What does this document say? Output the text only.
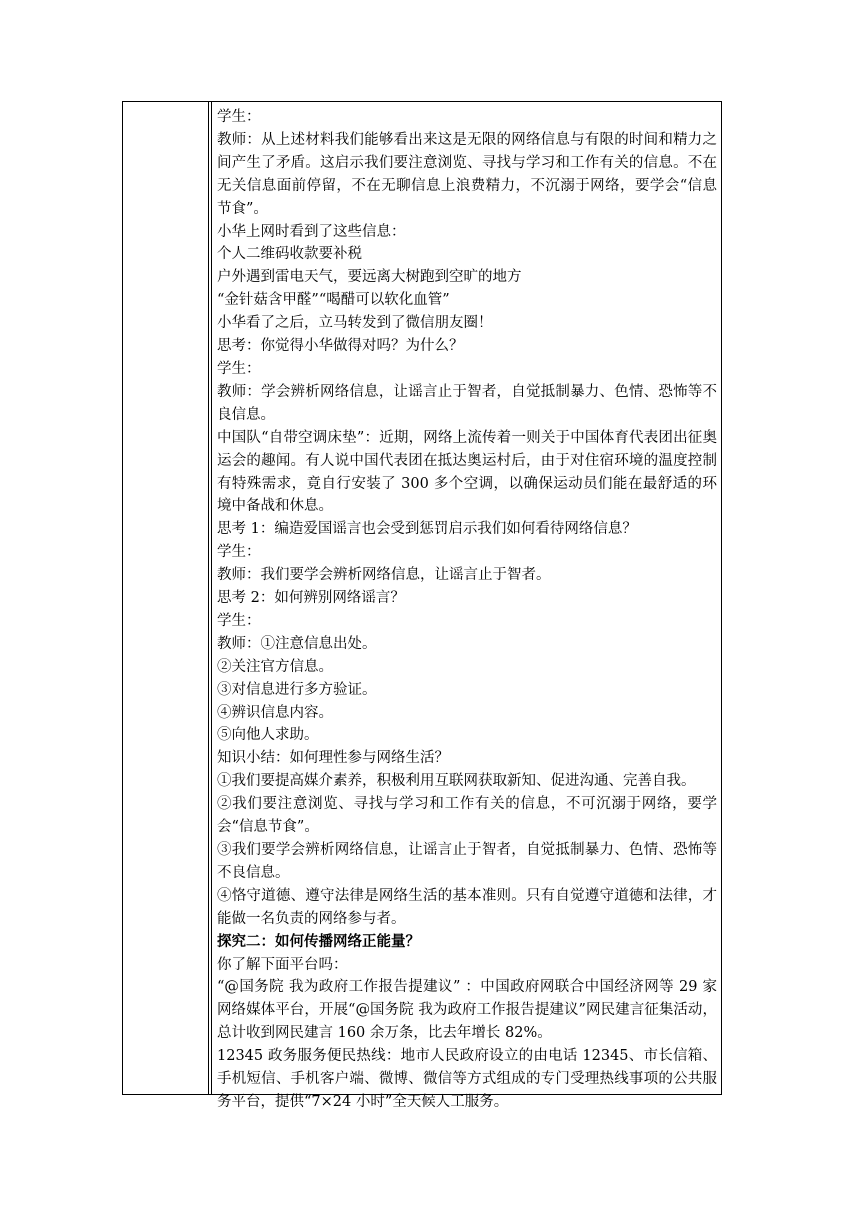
学生：

教师：从上述材料我们能够看出来这是无限的网络信息与有限的时间和精力之间产生了矛盾。这启示我们要注意浏览、寻找与学习和工作有关的信息。不在无关信息面前停留，不在无聊信息上浪费精力，不沉溺于网络，要学会“信息节食”。

小华上网时看到了这些信息：

个人二维码收款要补税

户外遇到雷电天气，要远离大树跑到空旷的地方

“金针菇含甲醛”“喝醋可以软化血管”

小华看了之后，立马转发到了微信朋友圈！

思考：你觉得小华做得对吗？为什么？

学生：

教师：学会辨析网络信息，让谣言止于智者，自觉抵制暴力、色情、恐怖等不良信息。

中国队“自带空调床垫”：近期，网络上流传着一则关于中国体育代表团出征奥运会的趣闻。有人说中国代表团在抵达奥运村后，由于对住宿环境的温度控制有特殊需求，竟自行安装了 300 多个空调，以确保运动员们能在最舒适的环境中备战和休息。

思考 1：编造爱国谣言也会受到惩罚启示我们如何看待网络信息？

学生：

教师：我们要学会辨析网络信息，让谣言止于智者。

思考 2：如何辨别网络谣言？

学生：

教师：①注意信息出处。

②关注官方信息。

③对信息进行多方验证。

④辨识信息内容。

⑤向他人求助。

知识小结：如何理性参与网络生活？

①我们要提高媒介素养，积极利用互联网获取新知、促进沟通、完善自我。

②我们要注意浏览、寻找与学习和工作有关的信息，不可沉溺于网络，要学会“信息节食”。

③我们要学会辨析网络信息，让谣言止于智者，自觉抵制暴力、色情、恐怖等不良信息。

④恪守道德、遵守法律是网络生活的基本准则。只有自觉遵守道德和法律，才能做一名负责的网络参与者。

探究二：如何传播网络正能量？

你了解下面平台吗：

“@国务院 我为政府工作报告提建议” ：中国政府网联合中国经济网等 29 家网络媒体平台，开展“@国务院 我为政府工作报告提建议”网民建言征集活动，总计收到网民建言 160 余万条，比去年增长 82%。

12345 政务服务便民热线：地市人民政府设立的由电话 12345、市长信箱、手机短信、手机客户端、微博、微信等方式组成的专门受理热线事项的公共服务平台，提供“7×24 小时”全天候人工服务。
